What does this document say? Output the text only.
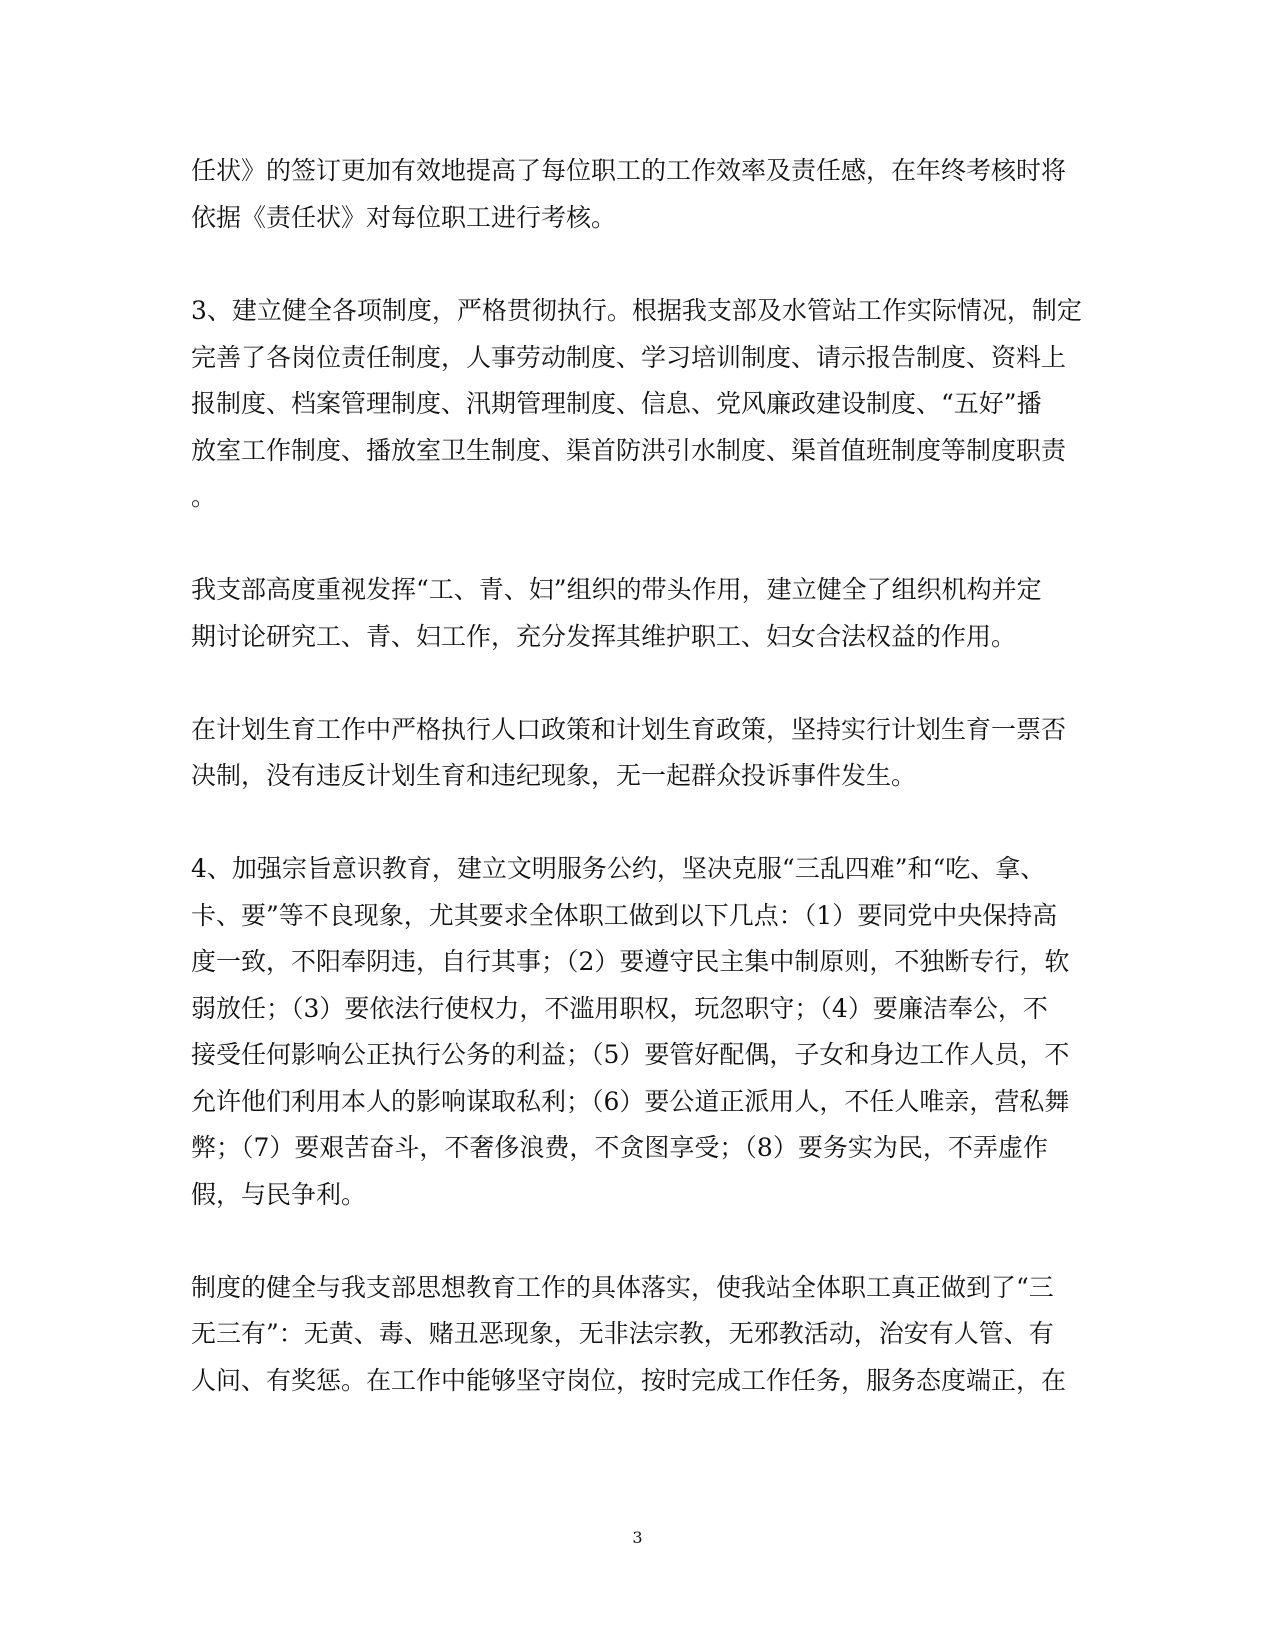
任状》的签订更加有效地提高了每位职工的工作效率及责任感，在年终考核时将
依据《责任状》对每位职工进行考核。
3、建立健全各项制度，严格贯彻执行。根据我支部及水管站工作实际情况，制定
完善了各岗位责任制度，人事劳动制度、学习培训制度、请示报告制度、资料上
报制度、档案管理制度、汛期管理制度、信息、党风廉政建设制度、“五好”播
放室工作制度、播放室卫生制度、渠首防洪引水制度、渠首值班制度等制度职责
。
我支部高度重视发挥“工、青、妇”组织的带头作用，建立健全了组织机构并定
期讨论研究工、青、妇工作，充分发挥其维护职工、妇女合法权益的作用。
在计划生育工作中严格执行人口政策和计划生育政策，坚持实行计划生育一票否
决制，没有违反计划生育和违纪现象，无一起群众投诉事件发生。
4、加强宗旨意识教育，建立文明服务公约，坚决克服“三乱四难”和“吃、拿、
卡、要”等不良现象，尤其要求全体职工做到以下几点：（1）要同党中央保持高
度一致，不阳奉阴违，自行其事；（2）要遵守民主集中制原则，不独断专行，软
弱放任；（3）要依法行使权力，不滥用职权，玩忽职守；（4）要廉洁奉公，不
接受任何影响公正执行公务的利益；（5）要管好配偶，子女和身边工作人员，不
允许他们利用本人的影响谋取私利；（6）要公道正派用人，不任人唯亲，营私舞
弊；（7）要艰苦奋斗，不奢侈浪费，不贪图享受；（8）要务实为民，不弄虚作
假，与民争利。
制度的健全与我支部思想教育工作的具体落实，使我站全体职工真正做到了“三
无三有”：无黄、毒、赌丑恶现象，无非法宗教，无邪教活动，治安有人管、有
人问、有奖惩。在工作中能够坚守岗位，按时完成工作任务，服务态度端正，在
3
